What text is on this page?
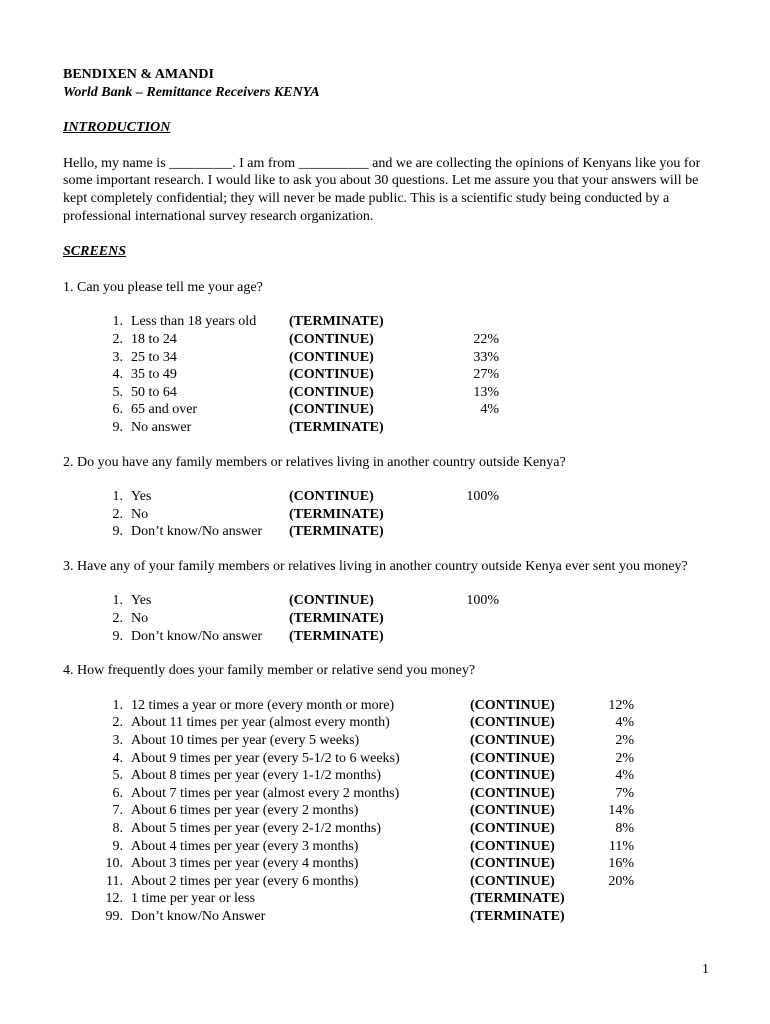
BENDIXEN & AMANDI
World Bank – Remittance Receivers KENYA
INTRODUCTION
Hello, my name is _________. I am from __________ and we are collecting the opinions of Kenyans like you for some important research. I would like to ask you about 30 questions. Let me assure you that your answers will be kept completely confidential; they will never be made public. This is a scientific study being conducted by a professional international survey research organization.
SCREENS
1. Can you please tell me your age?
1. Less than 18 years old (TERMINATE)
2. 18 to 24	(CONTINUE)	22%
3. 25 to 34	(CONTINUE)	33%
4. 35 to 49	(CONTINUE)	27%
5. 50 to 64	(CONTINUE)	13%
6. 65 and over	(CONTINUE)	4%
9. No answer	(TERMINATE)
2. Do you have any family members or relatives living in another country outside Kenya?
1. Yes	(CONTINUE)	100%
2. No	(TERMINATE)
9. Don’t know/No answer (TERMINATE)
3. Have any of your family members or relatives living in another country outside Kenya ever sent you money?
1. Yes	(CONTINUE)	100%
2. No	(TERMINATE)
9. Don’t know/No answer (TERMINATE)
4. How frequently does your family member or relative send you money?
1. 12 times a year or more (every month or more)	(CONTINUE)	12%
2. About 11 times per year (almost every month)	(CONTINUE)	4%
3. About 10 times per year (every 5 weeks)	(CONTINUE)	2%
4. About 9 times per year (every 5-1/2 to 6 weeks)	(CONTINUE)	2%
5. About 8 times per year (every 1-1/2 months)	(CONTINUE)	4%
6. About 7 times per year (almost every 2 months)	(CONTINUE)	7%
7. About 6 times per year (every 2 months)	(CONTINUE)	14%
8. About 5 times per year (every 2-1/2 months)	(CONTINUE)	8%
9. About 4 times per year (every 3 months)	(CONTINUE)	11%
10. About 3 times per year (every 4 months)	(CONTINUE)	16%
11. About 2 times per year (every 6 months)	(CONTINUE)	20%
12. 1 time per year or less	(TERMINATE)
99. Don’t know/No Answer	(TERMINATE)
1
